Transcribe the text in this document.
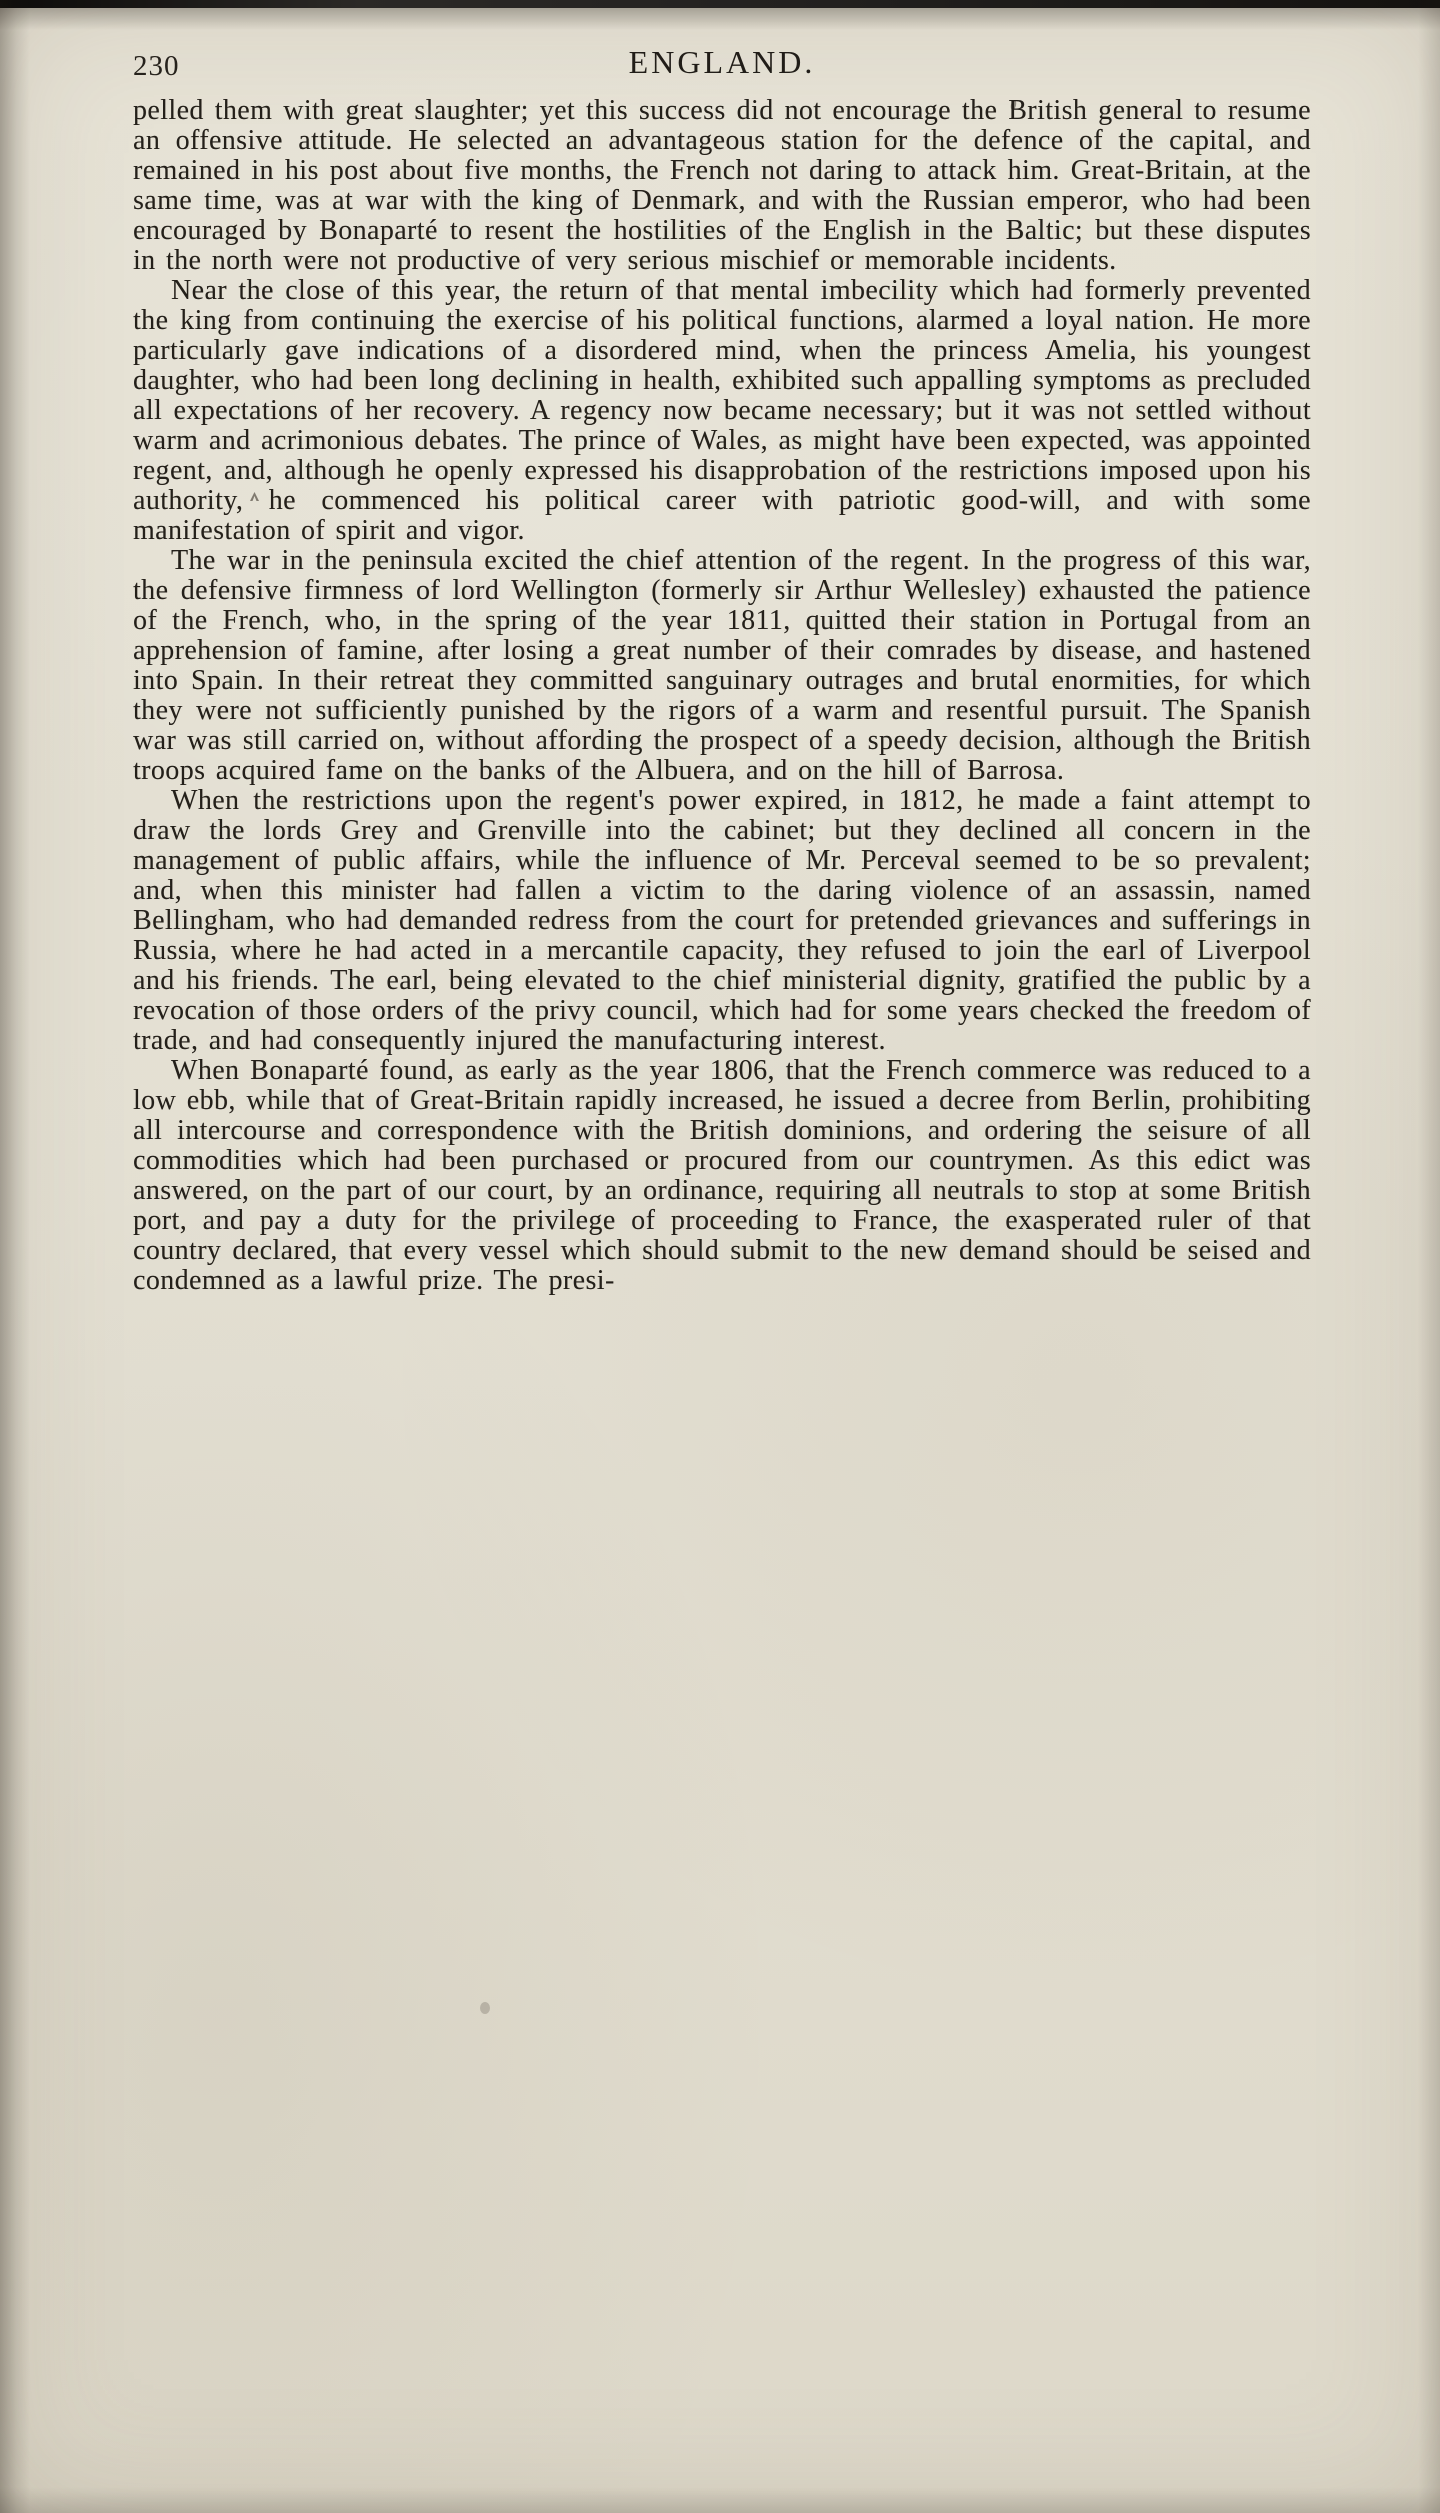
230	ENGLAND.

pelled them with great slaughter; yet this success did not encourage the British general to resume an offensive attitude. He selected an advantageous station for the defence of the capital, and remained in his post about five months, the French not daring to attack him. Great-Britain, at the same time, was at war with the king of Denmark, and with the Russian emperor, who had been encouraged by Bonaparté to resent the hostilities of the English in the Baltic; but these disputes in the north were not productive of very serious mischief or memorable incidents.

Near the close of this year, the return of that mental imbecility which had formerly prevented the king from continuing the exercise of his political functions, alarmed a loyal nation. He more particularly gave indications of a disordered mind, when the princess Amelia, his youngest daughter, who had been long declining in health, exhibited such appalling symptoms as precluded all expectations of her recovery. A regency now became necessary; but it was not settled without warm and acrimonious debates. The prince of Wales, as might have been expected, was appointed regent, and, although he openly expressed his disapprobation of the restrictions imposed upon his authority, he commenced his political career with patriotic good-will, and with some manifestation of spirit and vigor.

The war in the peninsula excited the chief attention of the regent. In the progress of this war, the defensive firmness of lord Wellington (formerly sir Arthur Wellesley) exhausted the patience of the French, who, in the spring of the year 1811, quitted their station in Portugal from an apprehension of famine, after losing a great number of their comrades by disease, and hastened into Spain. In their retreat they committed sanguinary outrages and brutal enormities, for which they were not sufficiently punished by the rigors of a warm and resentful pursuit. The Spanish war was still carried on, without affording the prospect of a speedy decision, although the British troops acquired fame on the banks of the Albuera, and on the hill of Barrosa.

When the restrictions upon the regent's power expired, in 1812, he made a faint attempt to draw the lords Grey and Grenville into the cabinet; but they declined all concern in the management of public affairs, while the influence of Mr. Perceval seemed to be so prevalent; and, when this minister had fallen a victim to the daring violence of an assassin, named Bellingham, who had demanded redress from the court for pretended grievances and sufferings in Russia, where he had acted in a mercantile capacity, they refused to join the earl of Liverpool and his friends. The earl, being elevated to the chief ministerial dignity, gratified the public by a revocation of those orders of the privy council, which had for some years checked the freedom of trade, and had consequently injured the manufacturing interest.

When Bonaparté found, as early as the year 1806, that the French commerce was reduced to a low ebb, while that of Great-Britain rapidly increased, he issued a decree from Berlin, prohibiting all intercourse and correspondence with the British dominions, and ordering the seisure of all commodities which had been purchased or procured from our countrymen. As this edict was answered, on the part of our court, by an ordinance, requiring all neutrals to stop at some British port, and pay a duty for the privilege of proceeding to France, the exasperated ruler of that country declared, that every vessel which should submit to the new demand should be seised and condemned as a lawful prize. The presi-
